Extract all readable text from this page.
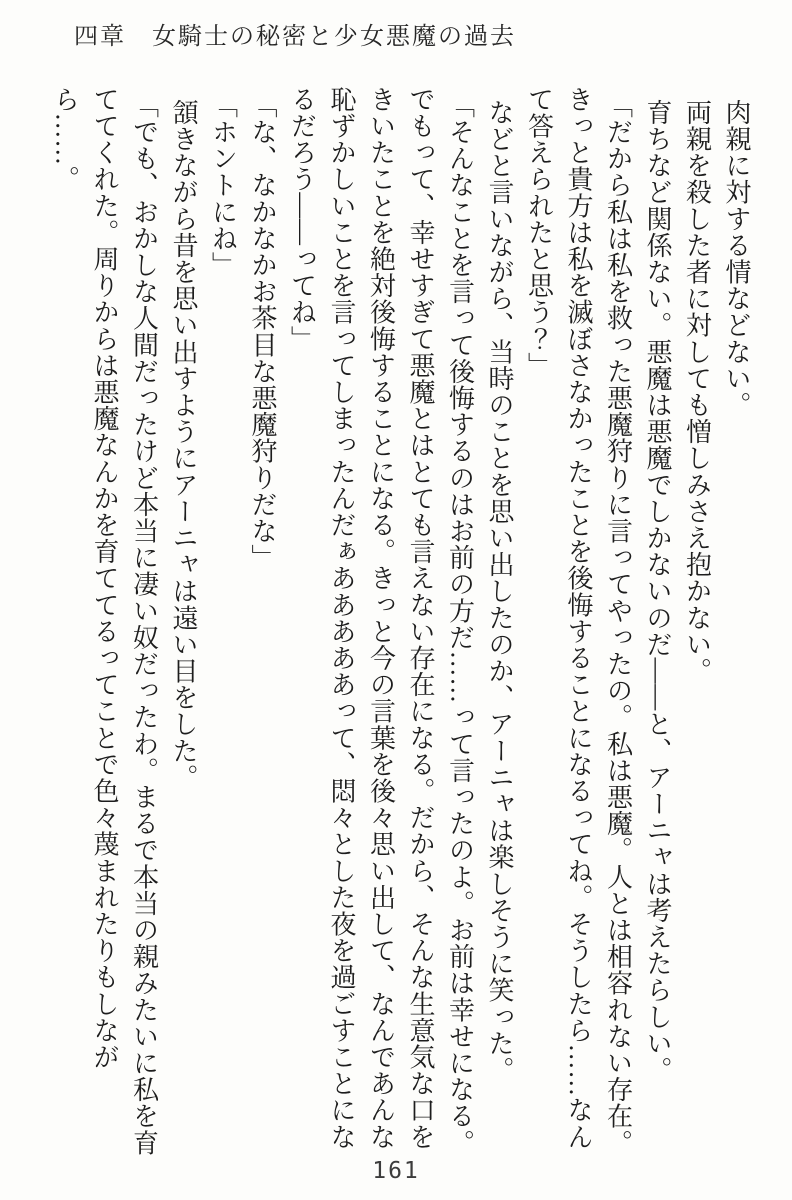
四章　女騎士の秘密と少女悪魔の過去

肉親に対する情などない。

両親を殺した者に対しても憎しみさえ抱かない。

育ちなど関係ない。悪魔は悪魔でしかないのだ——と、アーニャは考えたらしい。

「だから私は私を救った悪魔狩りに言ってやったの。私は悪魔。人とは相容れない存在。きっと貴方は私を滅ぼさなかったことを後悔することになるってね。そうしたら……なんて答えられたと思う？」

などと言いながら、当時のことを思い出したのか、アーニャは楽しそうに笑った。

「そんなことを言って後悔するのはお前の方だ……って言ったのよ。お前は幸せになる。でもって、幸せすぎて悪魔とはとても言えない存在になる。だから、そんな生意気な口をきいたことを絶対後悔することになる。きっと今の言葉を後々思い出して、なんであんな恥ずかしいことを言ってしまったんだぁあああああって、悶々とした夜を過ごすことになるだろう——ってね」

「な、なかなかお茶目な悪魔狩りだな」

「ホントにね」

頷きながら昔を思い出すようにアーニャは遠い目をした。

「でも、おかしな人間だったけど本当に凄い奴だったわ。まるで本当の親みたいに私を育ててくれた。周りからは悪魔なんかを育ててるってことで色々蔑まれたりもしながら……。

161
